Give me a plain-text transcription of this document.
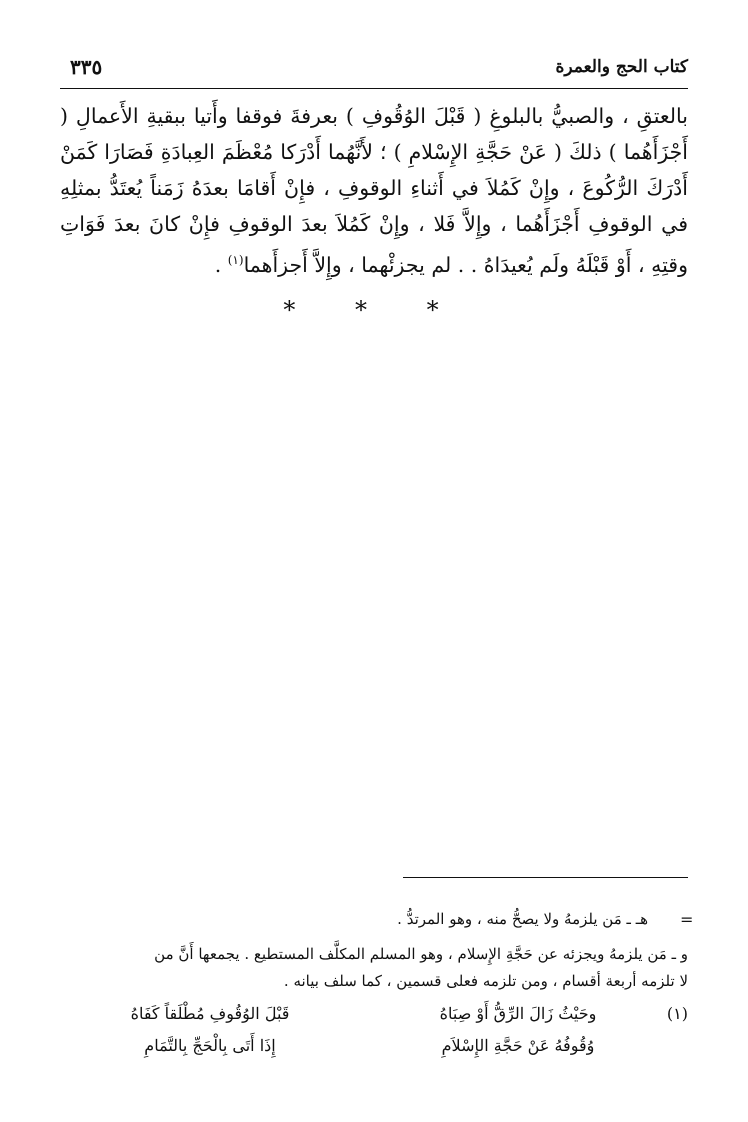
٣٣٥	كتاب الحج والعمرة

بالعتقِ ، والصبيُّ بالبلوغِ ( قَبْلَ الوُقُوفِ ) بعرفةَ فوقفا وأَتيا ببقيةِ الأَعمالِ ( أَجْزَأَهُما ) ذلكَ ( عَنْ حَجَّةِ الإِسْلامِ ) ؛ لأَنَّهُما أَدْرَكا مُعْظَمَ العِبادَةِ فَصَارَا كَمَنْ أَدْرَكَ الرُّكُوعَ ، وإِنْ كَمُلاَ في أَثناءِ الوقوفِ ، فإِنْ أَقامَا بعدَهُ زَمَناً يُعتَدُّ بمثلِهِ في الوقوفِ أَجْزَأَهُما ، وإِلاَّ فَلا ، وإِنْ كَمُلاَ بعدَ الوقوفِ فإِنْ كانَ بعدَ فَوَاتِ وقتِهِ ، أَوْ قَبْلَهُ ولَم يُعيدَاهُ . . لم يجزئْهما ، وإِلاَّ أَجزأَهما$^{(١)}$ .

* * *
=
هـ ـ مَن يلزمهُ ولا يصحُّ منه ، وهو المرتدُّ .
و ـ مَن يلزمهُ ويجزئه عن حَجَّةِ الإِسلام ، وهو المسلم المكلَّف المستطيع . يجمعها أَنَّ من
لا تلزمه أربعة أقسام ، ومن تلزمه فعلى قسمين ، كما سلف بيانه .
(١)
وحَيْثُ زَالَ الرِّقُّ أَوْ صِبَاهُ
قَبْلَ الوُقُوفِ مُطْلَقاً كَفَاهُ
وُقُوفُهُ عَنْ حَجَّةِ الإِسْلاَمِ
إِذَا أَتَى بِالْحَجِّ بِالتَّمَامِ
